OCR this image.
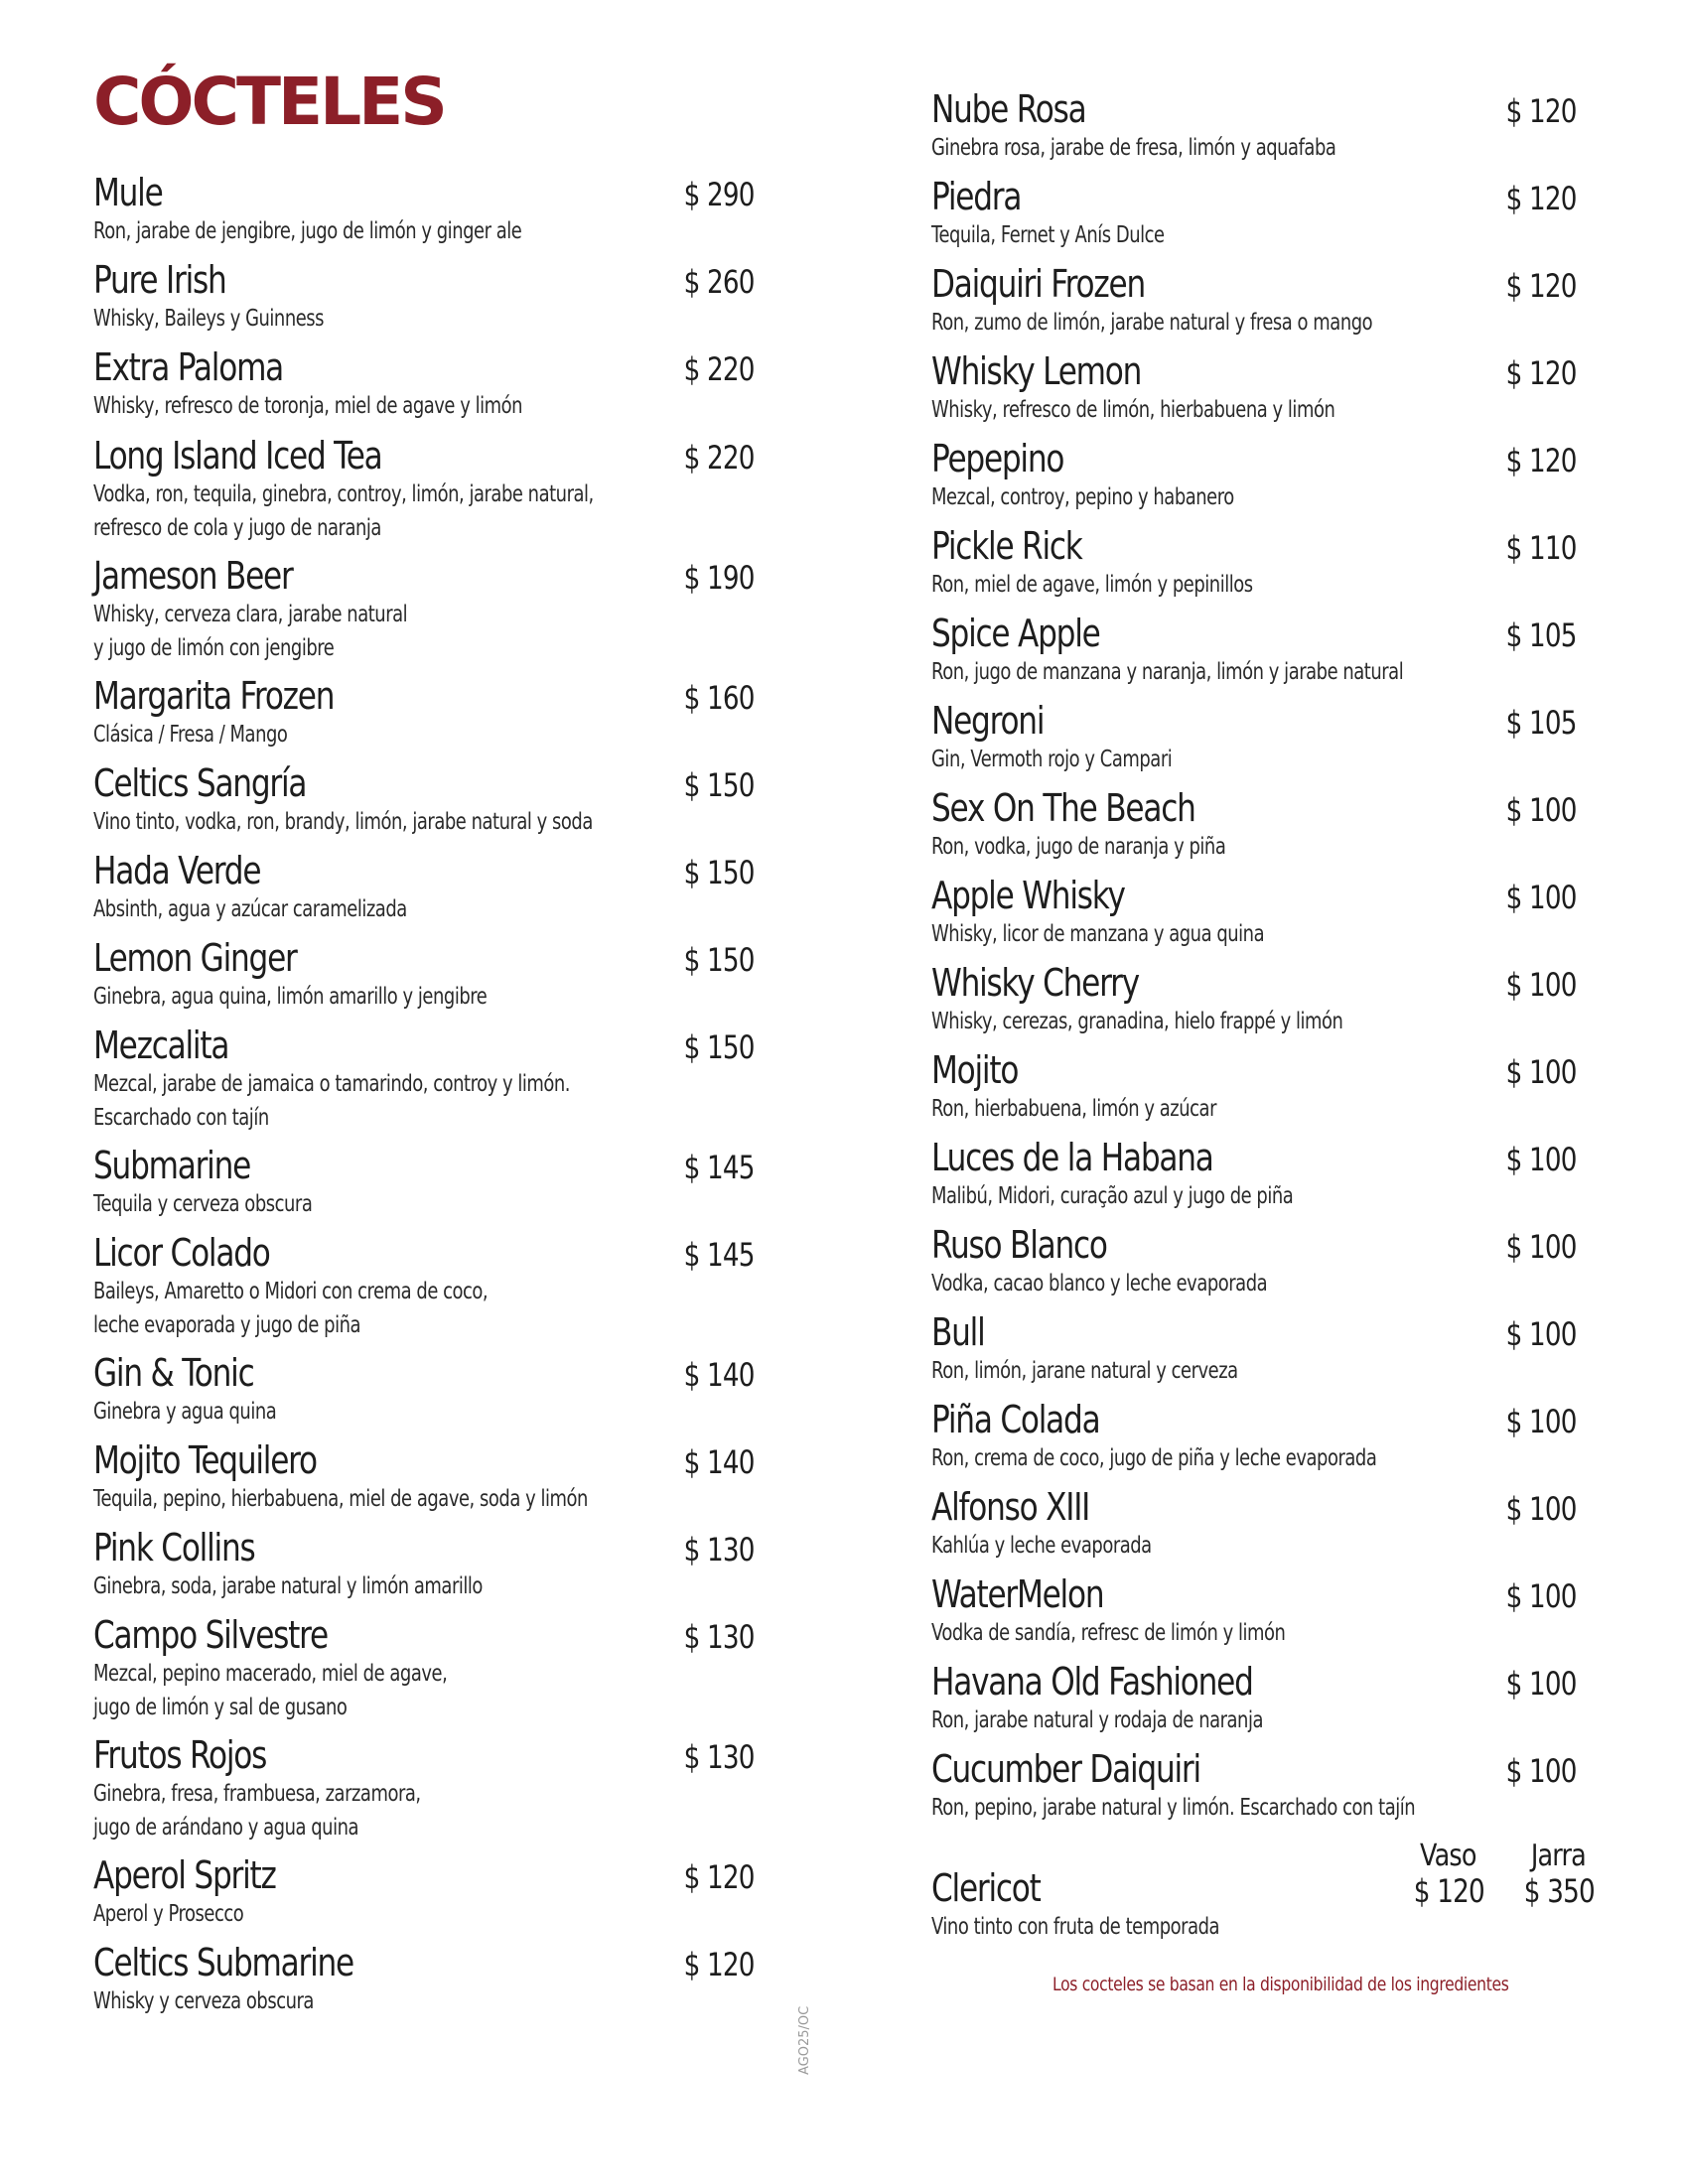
CÓCTELES
Mule	$ 290
Ron, jarabe de jengibre, jugo de limón y ginger ale
Pure Irish	$ 260
Whisky, Baileys y Guinness
Extra Paloma	$ 220
Whisky, refresco de toronja, miel de agave y limón
Long Island Iced Tea	$ 220
Vodka, ron, tequila, ginebra, controy, limón, jarabe natural,
refresco de cola y jugo de naranja
Jameson Beer	$ 190
Whisky, cerveza clara, jarabe natural
y jugo de limón con jengibre
Margarita Frozen	$ 160
Clásica / Fresa / Mango
Celtics Sangría	$ 150
Vino tinto, vodka, ron, brandy, limón, jarabe natural y soda
Hada Verde	$ 150
Absinth, agua y azúcar caramelizada
Lemon Ginger	$ 150
Ginebra, agua quina, limón amarillo y jengibre
Mezcalita	$ 150
Mezcal, jarabe de jamaica o tamarindo, controy y limón.
Escarchado con tajín
Submarine	$ 145
Tequila y cerveza obscura
Licor Colado	$ 145
Baileys, Amaretto o Midori con crema de coco,
leche evaporada y jugo de piña
Gin & Tonic	$ 140
Ginebra y agua quina
Mojito Tequilero	$ 140
Tequila, pepino, hierbabuena, miel de agave, soda y limón
Pink Collins	$ 130
Ginebra, soda, jarabe natural y limón amarillo
Campo Silvestre	$ 130
Mezcal, pepino macerado, miel de agave,
jugo de limón y sal de gusano
Frutos Rojos	$ 130
Ginebra, fresa, frambuesa, zarzamora,
jugo de arándano y agua quina
Aperol Spritz	$ 120
Aperol y Prosecco
Celtics Submarine	$ 120
Whisky y cerveza obscura
Nube Rosa	$ 120
Ginebra rosa, jarabe de fresa, limón y aquafaba
Piedra	$ 120
Tequila, Fernet y Anís Dulce
Daiquiri Frozen	$ 120
Ron, zumo de limón, jarabe natural y fresa o mango
Whisky Lemon	$ 120
Whisky, refresco de limón, hierbabuena y limón
Pepepino	$ 120
Mezcal, controy, pepino y habanero
Pickle Rick	$ 110
Ron, miel de agave, limón y pepinillos
Spice Apple	$ 105
Ron, jugo de manzana y naranja, limón y jarabe natural
Negroni	$ 105
Gin, Vermoth rojo y Campari
Sex On The Beach	$ 100
Ron, vodka, jugo de naranja y piña
Apple Whisky	$ 100
Whisky, licor de manzana y agua quina
Whisky Cherry	$ 100
Whisky, cerezas, granadina, hielo frappé y limón
Mojito	$ 100
Ron, hierbabuena, limón y azúcar
Luces de la Habana	$ 100
Malibú, Midori, curação azul y jugo de piña
Ruso Blanco	$ 100
Vodka, cacao blanco y leche evaporada
Bull	$ 100
Ron, limón, jarane natural y cerveza
Piña Colada	$ 100
Ron, crema de coco, jugo de piña y leche evaporada
Alfonso XIII	$ 100
Kahlúa y leche evaporada
WaterMelon	$ 100
Vodka de sandía, refresc de limón y limón
Havana Old Fashioned	$ 100
Ron, jarabe natural y rodaja de naranja
Cucumber Daiquiri	$ 100
Ron, pepino, jarabe natural y limón. Escarchado con tajín
Vaso Jarra
Clericot	$ 120 $ 350
Vino tinto con fruta de temporada
Los cocteles se basan en la disponibilidad de los ingredientes
AGO25/OC
